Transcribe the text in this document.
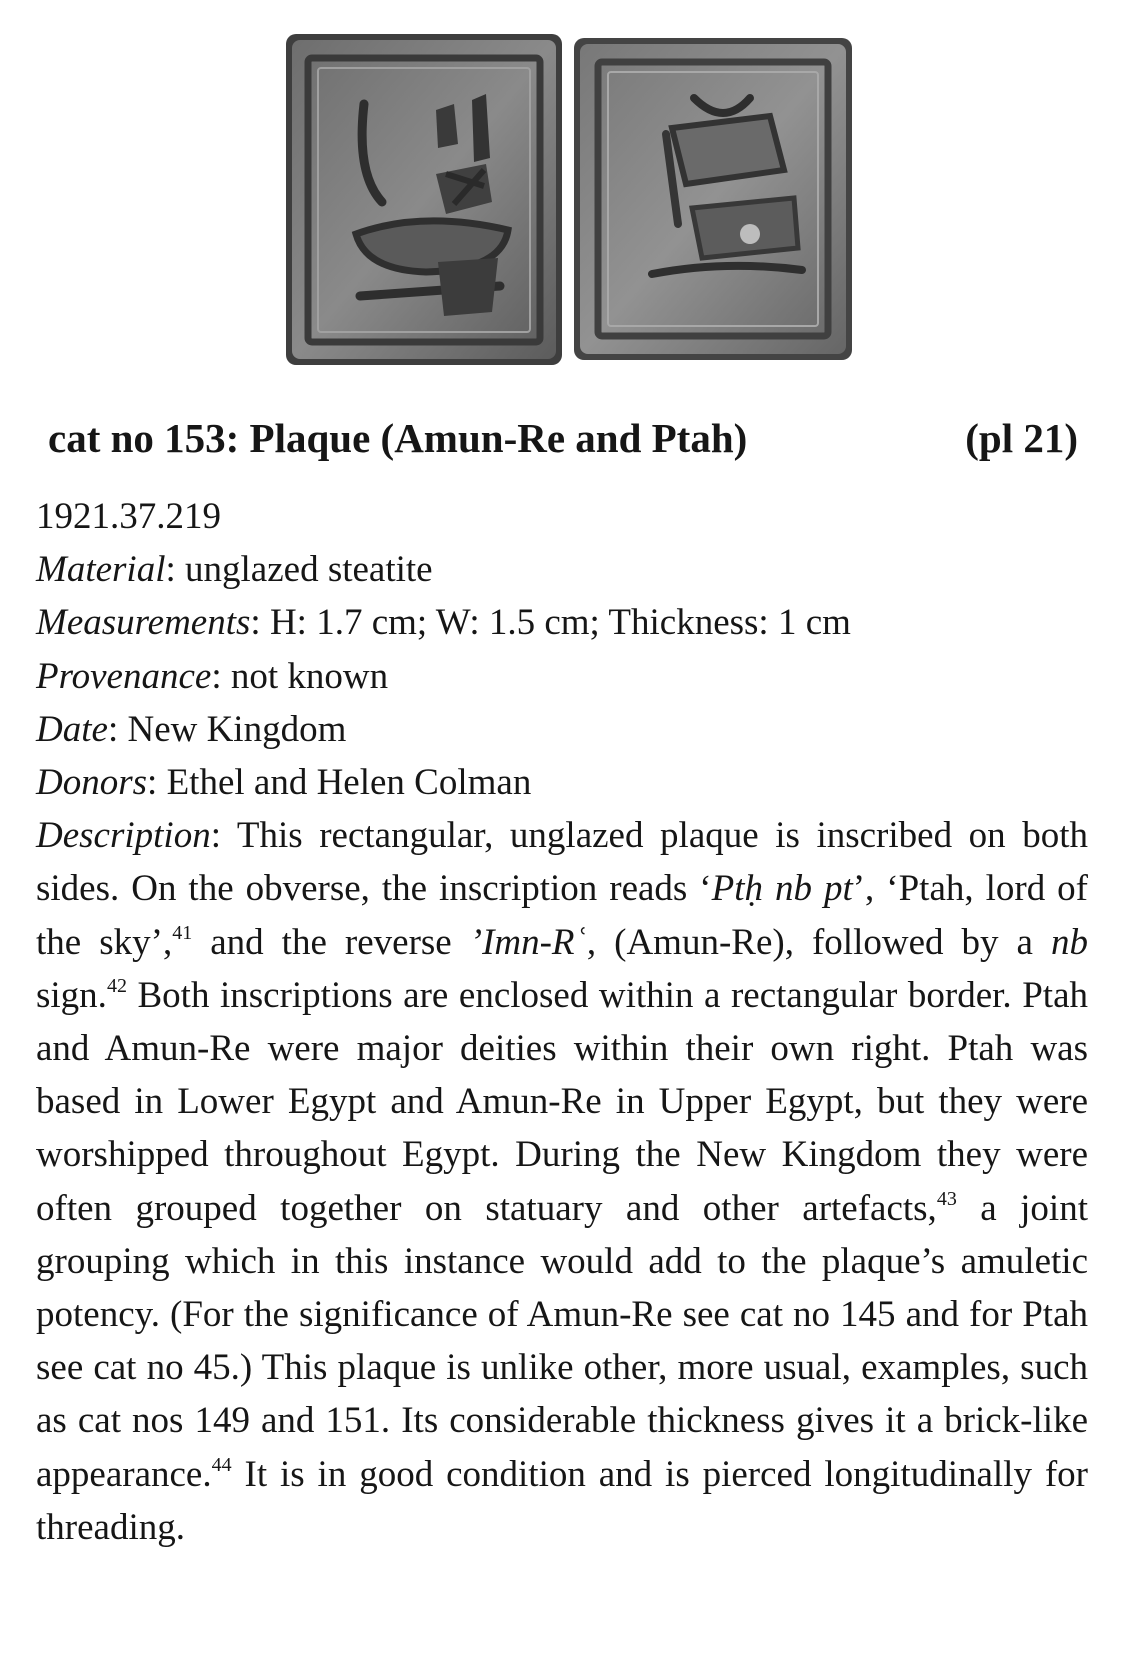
cat no 153: Plaque (Amun-Re and Ptah)	(pl 21)

1921.37.219

Material: unglazed steatite

Measurements: H: 1.7 cm; W: 1.5 cm; Thickness: 1 cm

Provenance: not known

Date: New Kingdom

Donors: Ethel and Helen Colman

Description: This rectangular, unglazed plaque is inscribed on both sides. On the obverse, the inscription reads ‘Ptḥ nb pt’, ‘Ptah, lord of the sky’,$^{41}$ and the reverse ’Imn-Rʿ, (Amun-Re), followed by a nb sign.$^{42}$ Both inscriptions are enclosed within a rectangular border. Ptah and Amun-Re were major deities within their own right. Ptah was based in Lower Egypt and Amun-Re in Upper Egypt, but they were worshipped throughout Egypt. During the New Kingdom they were often grouped together on statuary and other artefacts,$^{43}$ a joint grouping which in this instance would add to the plaque’s amuletic potency. (For the significance of Amun-Re see cat no 145 and for Ptah see cat no 45.) This plaque is unlike other, more usual, examples, such as cat nos 149 and 151. Its considerable thickness gives it a brick-like appearance.$^{44}$ It is in good condition and is pierced longitudinally for threading.
